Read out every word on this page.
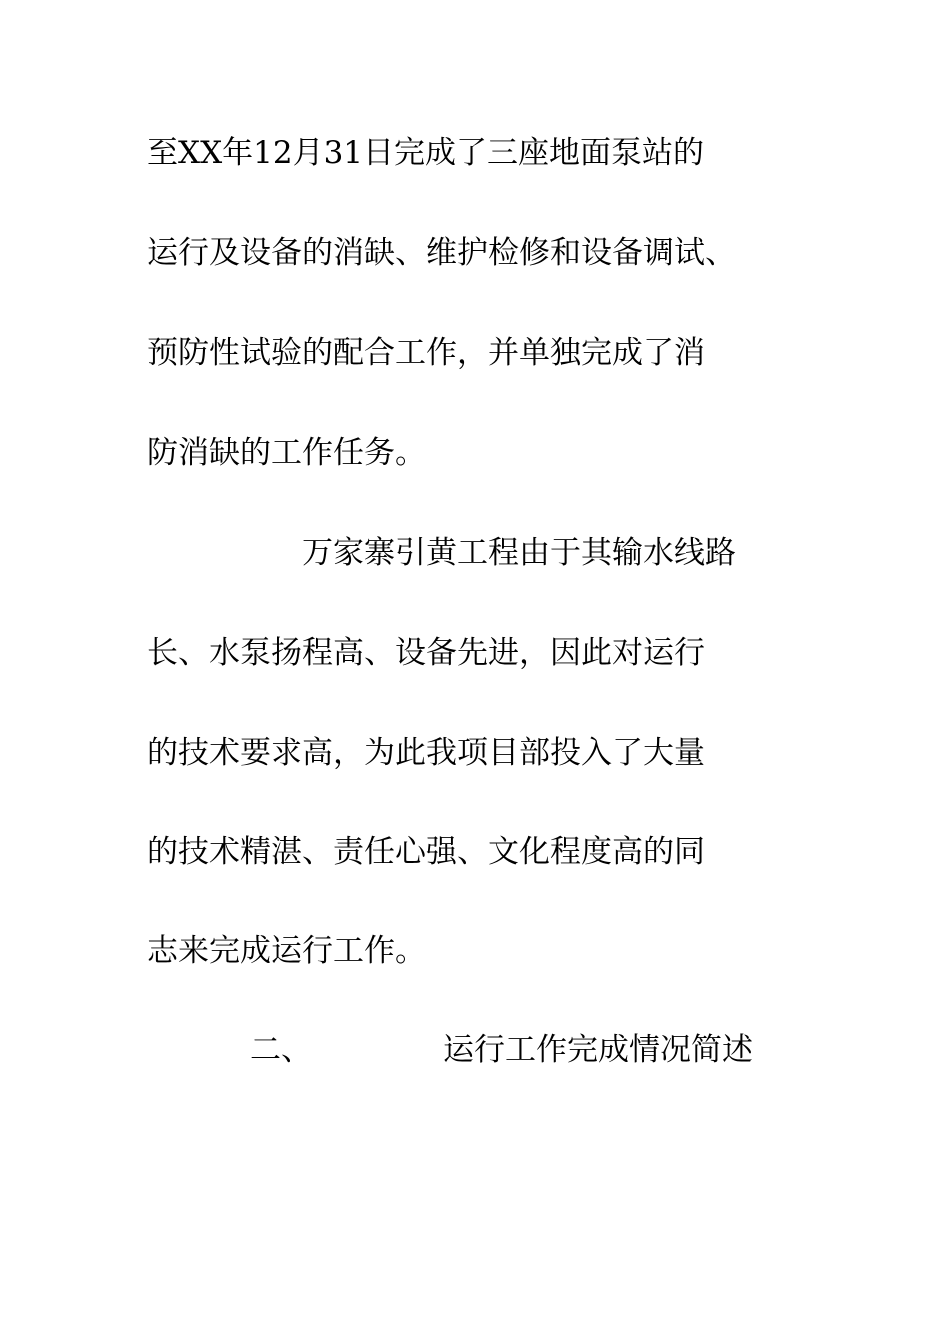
至XX年12月31日完成了三座地面泵站的
运行及设备的消缺、维护检修和设备调试、
预防性试验的配合工作，并单独完成了消
防消缺的工作任务。
万家寨引黄工程由于其输水线路
长、水泵扬程高、设备先进，因此对运行
的技术要求高，为此我项目部投入了大量
的技术精湛、责任心强、文化程度高的同
志来完成运行工作。
二、	运行工作完成情况简述
